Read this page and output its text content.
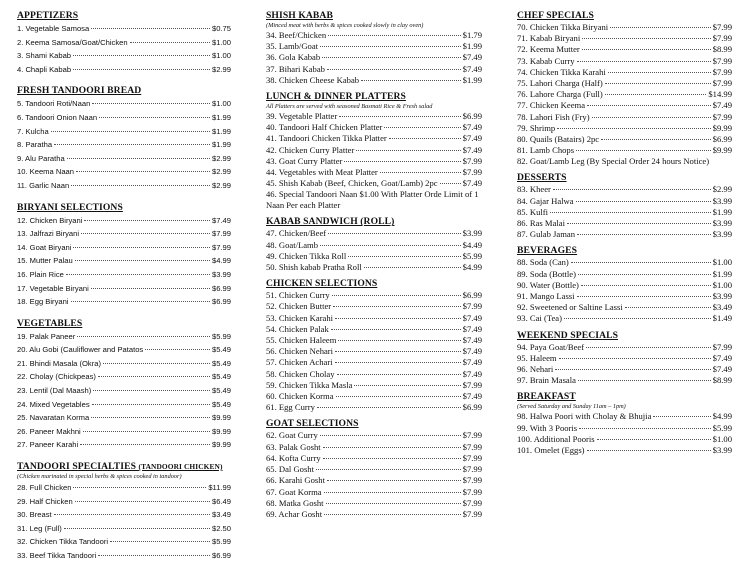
APPETIZERS
1. Vegetable Samosa	$0.75
2. Keema Samosa/Goat/Chicken	$1.00
3. Shami Kabab	$1.00
4. Chapli Kabab	$2.99
FRESH TANDOORI BREAD
5. Tandoori Roti/Naan	$1.00
6. Tandoori Onion Naan	$1.99
7. Kulcha	$1.99
8. Paratha	$1.99
9. Alu Paratha	$2.99
10. Keema Naan	$2.99
11. Garlic Naan	$2.99
BIRYANI SELECTIONS
12. Chicken Biryani	$7.49
13. Jalfrazi Biryani	$7.99
14. Goat Biryani	$7.99
15. Mutter Palau	$4.99
16. Plain Rice	$3.99
17. Vegetable Biryani	$6.99
18. Egg Biryani	$6.99
VEGETABLES
19. Palak Paneer	$5.99
20. Alu Gobi (Cauliflower and Patatos	$5.49
21. Bhindi Masala (Okra)	$5.49
22. Cholay (Chickpeas)	$5.49
23. Lentil (Dal Maash)	$5.49
24. Mixed Vegetables	$5.49
25. Navaratan Korma	$9.99
26. Paneer Makhni	$9.99
27. Paneer Karahi	$9.99
TANDOORI SPECIALTIES (TANDOORI CHICKEN)
(Chicken marinated in special herbs & spices cooked in tandoor)
28. Full Chicken	$11.99
29. Half Chicken	$6.49
30. Breast	$3.49
31. Leg (Full)	$2.50
32. Chicken Tikka Tandoori	$5.99
33. Beef Tikka Tandoori	$6.99
SHISH KABAB
(Minced meat with herbs & spices cooked slowly in clay oven)
34. Beef/Chicken	$1.79
35. Lamb/Goat	$1.99
36. Gola Kabab	$7.49
37. Bihari Kabab	$7.49
38. Chicken Cheese Kabab	$1.99
LUNCH & DINNER PLATTERS
All Platters are served with seasoned Basmati Rice & Fresh salad
39. Vegetable Platter	$6.99
40. Tandoori Half Chicken Platter	$7.49
41. Tandoori Chicken Tikka Platter	$7.49
42. Chicken Curry Platter	$7.49
43. Goat Curry Platter	$7.99
44. Vegetables with Meat Platter	$7.99
45. Shish Kabab (Beef, Chicken, Goat/Lamb) 2pc	$7.49
46. Special Tandoori Naan $1.00 With Platter Orde Limit of 1 Naan Per each Platter
KABAB SANDWICH (ROLL)
47. Chicken/Beef	$3.99
48. Goat/Lamb	$4.49
49. Chicken Tikka Roll	$5.99
50. Shish kabab Pratha Roll	$4.99
CHICKEN SELECTIONS
51. Chicken Curry	$6.99
52. Chicken Butter	$7.99
53. Chicken Karahi	$7.49
54. Chicken Palak	$7.49
55. Chicken Haleem	$7.49
56. Chicken Nehari	$7.49
57. Chicken Achari	$7.49
58. Chicken Cholay	$7.49
59. Chicken Tikka Masla	$7.99
60. Chicken Korma	$7.49
61. Egg Curry	$6.99
GOAT SELECTIONS
62. Goat Curry	$7.99
63. Palak Gosht	$7.99
64. Kofta Curry	$7.99
65. Dal Gosht	$7.99
66. Karahi Gosht	$7.99
67. Goat Korma	$7.99
68. Matka Gosht	$7.99
69. Achar Gosht	$7.99
CHEF SPECIALS
70. Chicken Tikka Biryani	$7.99
71. Kabab Biryani	$7.99
72. Keema Mutter	$8.99
73. Kabab Curry	$7.99
74. Chicken Tikka Karahi	$7.99
75. Lahori Charga (Half)	$7.99
76. Lahore Charga (Full)	$14.99
77. Chicken Keema	$7.49
78. Lahori Fish (Fry)	$7.99
79. Shrimp	$9.99
80. Quails (Batairs) 2pc	$6.99
81. Lamb Chops	$9.99
82. Goat/Lamb Leg (By Special Order 24 hours Notice)
DESSERTS
83. Kheer	$2.99
84. Gajar Halwa	$3.99
85. Kulfi	$1.99
86. Ras Malai	$3.99
87. Gulab Jaman	$3.99
BEVERAGES
88. Soda (Can)	$1.00
89. Soda (Bottle)	$1.99
90. Water (Bottle)	$1.00
91. Mango Lassi	$3.99
92. Sweetened or Saltine Lassi	$3.49
93. Cai (Tea)	$1.49
WEEKEND SPECIALS
94. Paya Goat/Beef	$7.99
95. Haleem	$7.49
96. Nehari	$7.49
97. Brain Masala	$8.99
BREAKFAST
(Served Saturday and Sunday 11am – 1pm)
98. Halwa Poori with Cholay & Bhujia	$4.99
99. With 3 Pooris	$5.99
100. Additional Pooris	$1.00
101. Omelet (Eggs)	$3.99
